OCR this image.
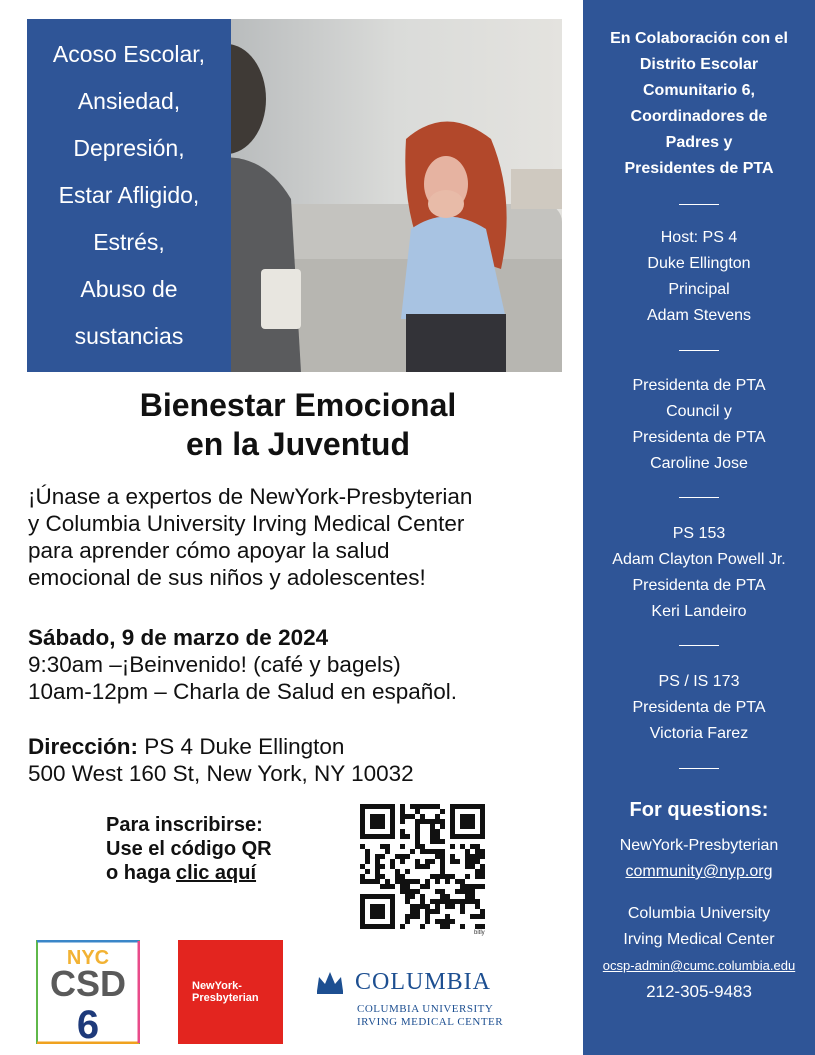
Acoso Escolar,
Ansiedad,
Depresión,
Estar Afligido,
Estrés,
Abuso de
sustancias
Bienestar Emocional
en la Juventud
¡Únase a expertos de NewYork-Presbyterian
y Columbia University Irving Medical Center
para aprender cómo apoyar la salud
emocional de sus niños y adolescentes!
Sábado, 9 de marzo de 2024
9:30am –¡Beinvenido! (café y bagels)
10am-12pm – Charla de Salud en español.
Dirección: PS 4 Duke Ellington
500 West 160 St, New York, NY 10032
Para inscribirse:
Use el código QR
o haga clic aquí
bitly
NYC
CSD
6
NewYork-
Presbyterian
COLUMBIA
COLUMBIA UNIVERSITY
IRVING MEDICAL CENTER
En Colaboración con el
Distrito Escolar
Comunitario 6,
Coordinadores de
Padres y
Presidentes de PTA
Host: PS 4
Duke Ellington
Principal
Adam Stevens
Presidenta de PTA
Council y
Presidenta de PTA
Caroline Jose
PS 153
Adam Clayton Powell Jr.
Presidenta de PTA
Keri Landeiro
PS / IS 173
Presidenta de PTA
Victoria Farez
For questions:
NewYork-Presbyterian
community@nyp.org
Columbia University
Irving Medical Center
ocsp-admin@cumc.columbia.edu
212-305-9483
